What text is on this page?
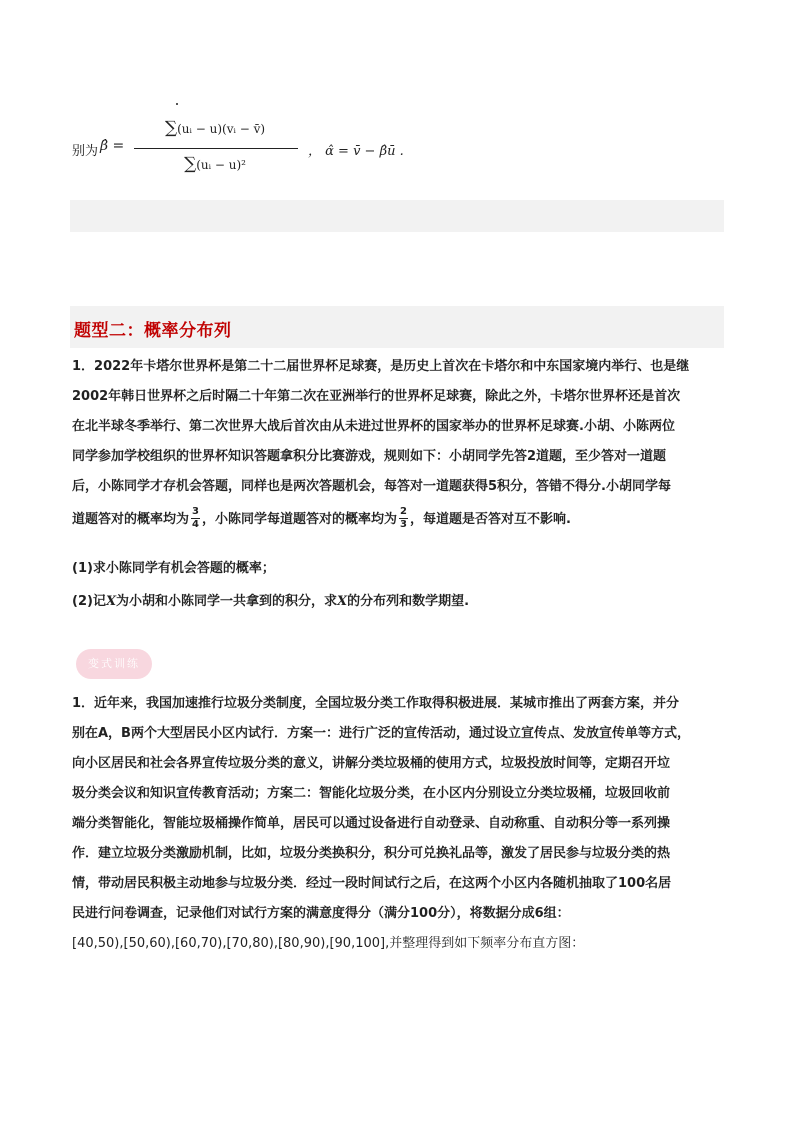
别为 β̂ =
∑(uᵢ − u)(vᵢ − v̄)
∑(uᵢ − u)²
， α̂ = v̄ − β̂ū .
题型二：概率分布列
1．2022年卡塔尔世界杯是第二十二届世界杯足球赛，是历史上首次在卡塔尔和中东国家境内举行、也是继
2002年韩日世界杯之后时隔二十年第二次在亚洲举行的世界杯足球赛，除此之外，卡塔尔世界杯还是首次
在北半球冬季举行、第二次世界大战后首次由从未进过世界杯的国家举办的世界杯足球赛.小胡、小陈两位
同学参加学校组织的世界杯知识答题拿积分比赛游戏，规则如下：小胡同学先答2道题，至少答对一道题
后，小陈同学才存机会答题，同样也是两次答题机会，每答对一道题获得5积分，答错不得分.小胡同学每
道题答对的概率均为 $\frac{3}{4}$ ，小陈同学每道题答对的概率均为 $\frac{2}{3}$ ，每道题是否答对互不影响.
(1)求小陈同学有机会答题的概率；
(2)记X为小胡和小陈同学一共拿到的积分，求X的分布列和数学期望.
变式训练
1．近年来，我国加速推行垃圾分类制度，全国垃圾分类工作取得积极进展．某城市推出了两套方案，并分
别在A，B两个大型居民小区内试行．方案一：进行广泛的宣传活动，通过设立宣传点、发放宣传单等方式，
向小区居民和社会各界宣传垃圾分类的意义，讲解分类垃圾桶的使用方式，垃圾投放时间等，定期召开垃
圾分类会议和知识宣传教育活动；方案二：智能化垃圾分类，在小区内分别设立分类垃圾桶，垃圾回收前
端分类智能化，智能垃圾桶操作简单，居民可以通过设备进行自动登录、自动称重、自动积分等一系列操
作．建立垃圾分类激励机制，比如，垃圾分类换积分，积分可兑换礼品等，激发了居民参与垃圾分类的热
情，带动居民积极主动地参与垃圾分类．经过一段时间试行之后，在这两个小区内各随机抽取了100名居
民进行问卷调查，记录他们对试行方案的满意度得分（满分100分），将数据分成6组：
[40,50),[50,60),[60,70),[70,80),[80,90),[90,100],并整理得到如下频率分布直方图：
